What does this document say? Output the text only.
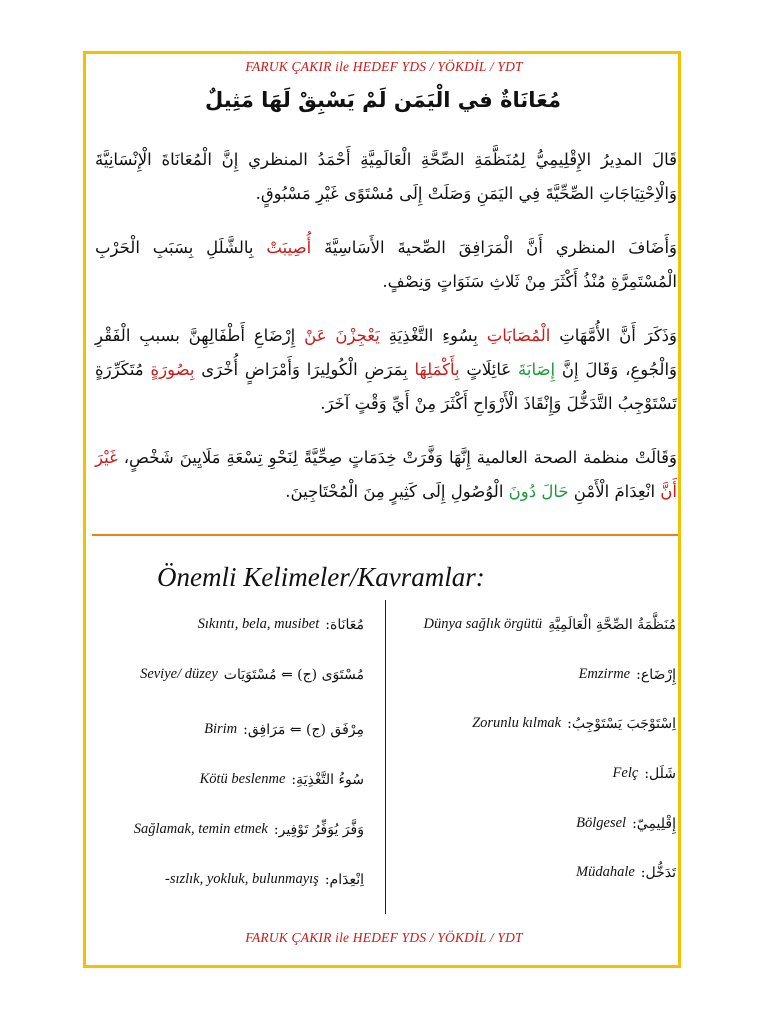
FARUK ÇAKIR ile HEDEF YDS / YÖKDİL / YDT
مُعَانَاةٌ في الْيَمَن لَمْ يَسْبِقْ لَهَا مَثِيلٌ

قَالَ المدِيرُ الإِقْلِيمِيُّ لِمُنَظَّمَةِ الصِّحَّةِ الْعَالَمِيَّةِ أَحْمَدُ المنظري إِنَّ الْمُعَانَاةَ الْإِنْسَانِيَّةَ وَالْاِحْتِيَاجَاتِ الصِّحِّيَّةَ فِي اليَمَنِ وَصَلَتْ إِلَى مُسْتَوًى غَيْرِ مَسْبُوقٍ.

وَأَضَافَ المنظري أَنَّ الْمَرَافِقَ الصِّحيةَ الأَسَاسِيَّةَ أُصِيبَتْ بِالشَّلَلِ بِسَبَبِ الْحَرْبِ الْمُسْتَمِرَّةِ مُنْذُ أَكْثَرَ مِنْ ثَلاثِ سَنَوَاتٍ وَنِصْفٍ.

وَذَكَرَ أَنَّ الأُمَّهَاتِ الْمُصَابَاتِ بِسُوءِ التَّغْذِيَةِ يَعْجِزْنَ عَنْ إِرْضَاعِ أَطْفَالِهِنَّ بسببِ الْفَقْرِ وَالْجُوعِ، وَقَالَ إِنَّ إِصَابَةَ عَائِلَاتٍ بِأَكْمَلِهَا بِمَرَضِ الْكُولِيرَا وَأَمْرَاضٍ أُخْرَى بِصُورَةٍ مُتَكَرِّرَةٍ تَسْتَوْجِبُ التَّدَخُّلَ وَإِنْقَاذَ الْأَرْوَاحِ أَكْثَرَ مِنْ أَيِّ وَقْتٍ آخَرَ.

وَقَالَتْ منظمة الصحة العالمية إِنَّهَا وَفَّرَتْ خِدَمَاتٍ صِحِّيَّةً لِنَحْوِ تِسْعَةِ مَلَايِينَ شَخْصٍ، غَيْرَ أَنَّ انْعِدَامَ الْأَمْنِ حَالَ دُونَ الْوُصُولِ إِلَى كَثِيرٍ مِنَ الْمُحْتَاجِينَ.

Önemli Kelimeler/Kavramlar:
Dünya sağlık örgütü مُنَظَّمَةُ الصِّحَّةِ الْعَالَمِيَّةِ
Emzirme إِرْضَاع:
Zorunlu kılmak اِسْتَوْجَبَ يَسْتَوْجِبُ:
Felç شَلَل:
Bölgesel إِقْلِيمِيّ:
Müdahale تَدَخُّل:
Sıkıntı, bela, musibet مُعَانَاة:
Seviye/ düzey مُسْتَوَى (ج) ⇐ مُسْتَوَيَات
Birim مِرْفَق (ج) ⇐ مَرَافِق:
Kötü beslenme سُوءُ التَّغْذِيَةِ:
Sağlamak, temin etmek وَفَّرَ يُوَفِّرُ تَوْفِير:
-sızlık, yokluk, bulunmayış اِنْعِدَام:
FARUK ÇAKIR ile HEDEF YDS / YÖKDİL / YDT
